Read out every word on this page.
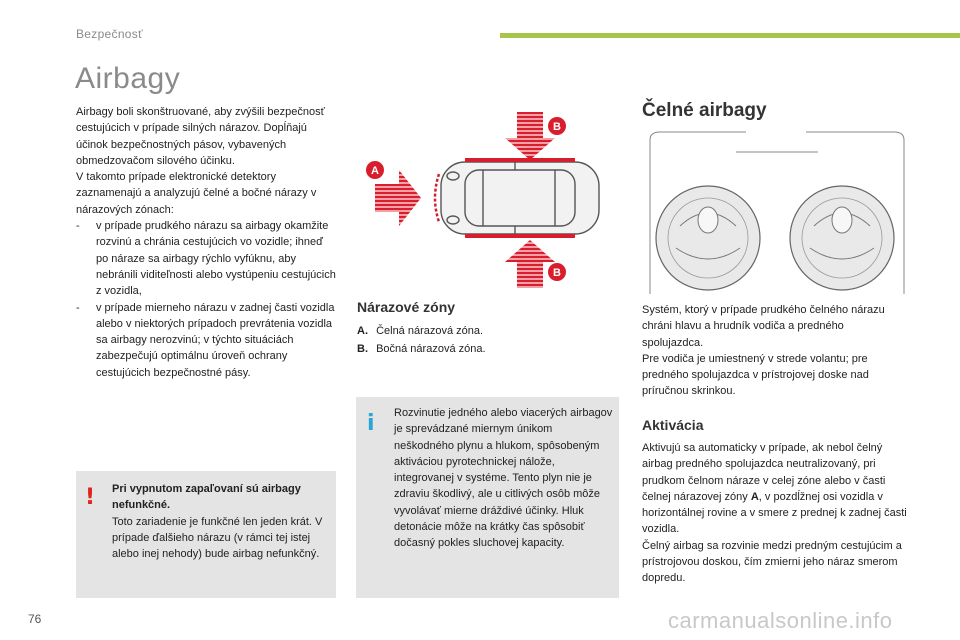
Bezpečnosť
Airbagy

Airbagy boli skonštruované, aby zvýšili bezpečnosť cestujúcich v prípade silných nárazov. Dopĺňajú účinok bezpečnostných pásov, vybavených obmedzovačom silového účinku.

V takomto prípade elektronické detektory zaznamenajú a analyzujú čelné a bočné nárazy v nárazových zónach:

- v prípade prudkého nárazu sa airbagy okamžite rozvinú a chránia cestujúcich vo vozidle; ihneď po náraze sa airbagy rýchlo vyfúknu, aby nebránili viditeľnosti alebo vystúpeniu cestujúcich z vozidla,

- v prípade mierneho nárazu v zadnej časti vozidla alebo v niektorých prípadoch prevrátenia vozidla sa airbagy nerozvinú; v týchto situáciách zabezpečujú optimálnu úroveň ochrany cestujúcich bezpečnostné pásy.

! Pri vypnutom zapaľovaní sú airbagy nefunkčné.
Toto zariadenie je funkčné len jeden krát. V prípade ďalšieho nárazu (v rámci tej istej alebo inej nehody) bude airbag nefunkčný.
B
B
A
Nárazové zóny
A. Čelná nárazová zóna.
B. Bočná nárazová zóna.
i Rozvinutie jedného alebo viacerých airbagov je sprevádzané miernym únikom neškodného plynu a hlukom, spôsobeným aktiváciou pyrotechnickej nálože, integrovanej v systéme. Tento plyn nie je zdraviu škodlivý, ale u citlivých osôb môže vyvolávať mierne dráždivé účinky. Hluk detonácie môže na krátky čas spôsobiť dočasný pokles sluchovej kapacity.
Čelné airbagy
Systém, ktorý v prípade prudkého čelného nárazu chráni hlavu a hrudník vodiča a predného spolujazdca.
Pre vodiča je umiestnený v strede volantu; pre predného spolujazdca v prístrojovej doske nad príručnou skrinkou.
Aktivácia
Aktivujú sa automaticky v prípade, ak nebol čelný airbag predného spolujazdca neutralizovaný, pri prudkom čelnom náraze v celej zóne alebo v časti čelnej nárazovej zóny A, v pozdĺžnej osi vozidla v horizontálnej rovine a v smere z prednej k zadnej časti vozidla.
Čelný airbag sa rozvinie medzi predným cestujúcim a prístrojovou doskou, čím zmierni jeho náraz smerom dopredu.
76	carmanualsonline.info
